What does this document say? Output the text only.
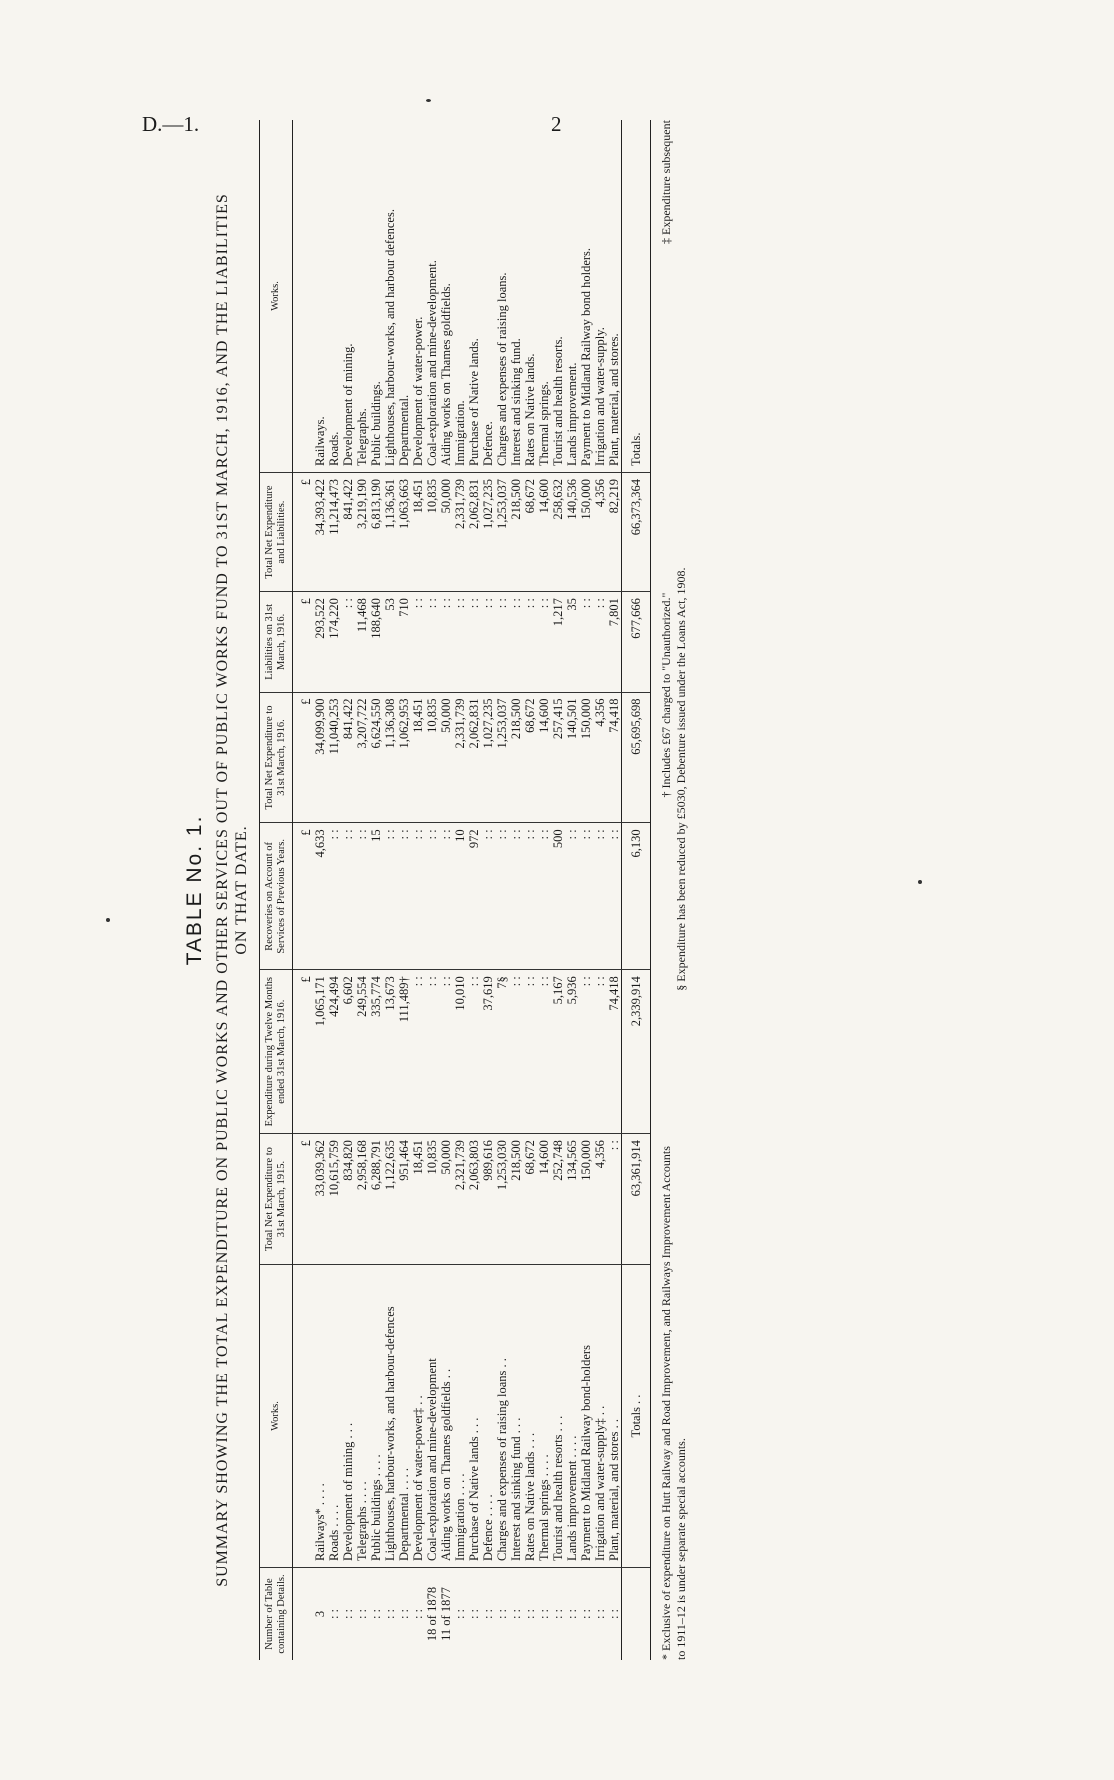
D.—1.	2
TABLE No. 1. SUMMARY SHOWING THE TOTAL EXPENDITURE ON PUBLIC WORKS AND OTHER SERVICES OUT OF PUBLIC WORKS FUND TO 31ST MARCH, 1916, AND THE LIABILITIES ON THAT DATE.
Number of Table containing Details.	Works.	Total Net Expenditure to 31st March, 1915.	Expenditure during Twelve Months ended 31st March, 1916.	Recoveries on Account of Services of Previous Years.	Total Net Expenditure to 31st March, 1916.	Liabilities on 31st March, 1916.	Total Net Expenditure and Liabilities.	Works.
		£	£	£	£	£	£	
3	Railways* . . . .	33,039,362	1,065,171	4,633	34,099,900	293,522	34,393,422	Railways.
: :	Roads . . . .	10,615,759	424,494	: :	11,040,253	174,220	11,214,473	Roads.
: :	Development of mining . . .	834,820	6,602	: :	841,422	: :	841,422	Development of mining.
: :	Telegraphs . . . .	2,958,168	249,554	: :	3,207,722	11,468	3,219,190	Telegraphs.
: :	Public buildings . . . .	6,288,791	335,774	15	6,624,550	188,640	6,813,190	Public buildings.
: :	Lighthouses, harbour-works, and harbour-defences	1,122,635	13,673	: :	1,136,308	53	1,136,361	Lighthouses, harbour-works, and harbour defences.
: :	Departmental . . . .	951,464	111,489†	: :	1,062,953	710	1,063,663	Departmental.
: :	Development of water-power‡ . .	18,451	: :	: :	18,451	: :	18,451	Development of water-power.
18 of 1878	Coal-exploration and mine-development	10,835	: :	: :	10,835	: :	10,835	Coal-exploration and mine-development.
11 of 1877	Aiding works on Thames goldfields . .	50,000	: :	: :	50,000	: :	50,000	Aiding works on Thames goldfields.
: :	Immigration . . . .	2,321,739	10,010	10	2,331,739	: :	2,331,739	Immigration.
: :	Purchase of Native lands . . .	2,063,803	: :	972	2,062,831	: :	2,062,831	Purchase of Native lands.
: :	Defence . . . .	989,616	37,619	: :	1,027,235	: :	1,027,235	Defence.
: :	Charges and expenses of raising loans . .	1,253,030	7§	: :	1,253,037	: :	1,253,037	Charges and expenses of raising loans.
: :	Interest and sinking fund . . .	218,500	: :	: :	218,500	: :	218,500	Interest and sinking fund.
: :	Rates on Native lands . . .	68,672	: :	: :	68,672	: :	68,672	Rates on Native lands.
: :	Thermal springs . . . .	14,600	: :	: :	14,600	: :	14,600	Thermal springs.
: :	Tourist and health resorts . . .	252,748	5,167	500	257,415	1,217	258,632	Tourist and health resorts.
: :	Lands improvement . . . .	134,565	5,936	: :	140,501	35	140,536	Lands improvement.
: :	Payment to Midland Railway bond-holders	150,000	: :	: :	150,000	: :	150,000	Payment to Midland Railway bond holders.
: :	Irrigation and water-supply‡ . .	4,356	: :	: :	4,356	: :	4,356	Irrigation and water-supply.
: :	Plant, material, and stores . .	: :	74,418	: :	74,418	7,801	82,219	Plant, material, and stores.
	Totals . .	63,361,914	2,339,914	6,130	65,695,698	677,666	66,373,364	Totals.
* Exclusive of expenditure on Hutt Railway and Road Improvement, and Railways Improvement Accounts
† Includes £67 charged to "Unauthorized."
‡ Expenditure subsequent
to 1911–12 is under separate special accounts.
§ Expenditure has been reduced by £5030, Debenture issued under the Loans Act, 1908.
